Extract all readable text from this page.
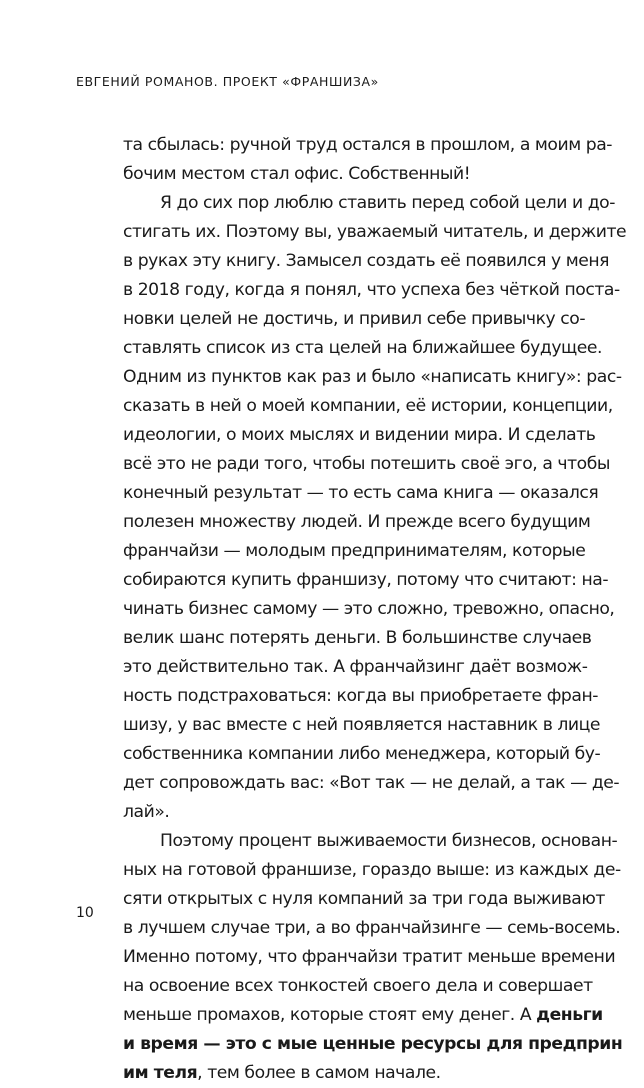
ЕВГЕНИЙ РОМАНОВ. ПРОЕКТ «ФРАНШИЗА»
та сбылась: ручной труд остался в прошлом, а моим ра-
бочим местом стал офис. Собственный!
Я до сих пор люблю ставить перед собой цели и до-
стигать их. Поэтому вы, уважаемый читатель, и держите
в руках эту книгу. Замысел создать её появился у меня
в 2018 году, когда я понял, что успеха без чёткой поста-
новки целей не достичь, и привил себе привычку со-
ставлять список из ста целей на ближайшее будущее.
Одним из пунктов как раз и было «написать книгу»: рас-
сказать в ней о моей компании, её истории, концепции,
идеологии, о моих мыслях и видении мира. И сделать
всё это не ради того, чтобы потешить своё эго, а чтобы
конечный результат — то есть сама книга — оказался
полезен множеству людей. И прежде всего будущим
франчайзи — молодым предпринимателям, которые
собираются купить франшизу, потому что считают: на-
чинать бизнес самому — это сложно, тревожно, опасно,
велик шанс потерять деньги. В большинстве случаев
это действительно так. А франчайзинг даёт возмож-
ность подстраховаться: когда вы приобретаете фран-
шизу, у вас вместе с ней появляется наставник в лице
собственника компании либо менеджера, который бу-
дет сопровождать вас: «Вот так — не делай, а так — де-
лай».
Поэтому процент выживаемости бизнесов, основан-
ных на готовой франшизе, гораздо выше: из каждых де-
сяти открытых с нуля компаний за три года выживают
в лучшем случае три, а во франчайзинге — семь-восемь.
Именно потому, что франчайзи тратит меньше времени
на освоение всех тонкостей своего дела и совершает
меньше промахов, которые стоят ему денег. А деньги
и время — это с мые ценные ресурсы для предприн
им теля, тем более в самом начале.
10
